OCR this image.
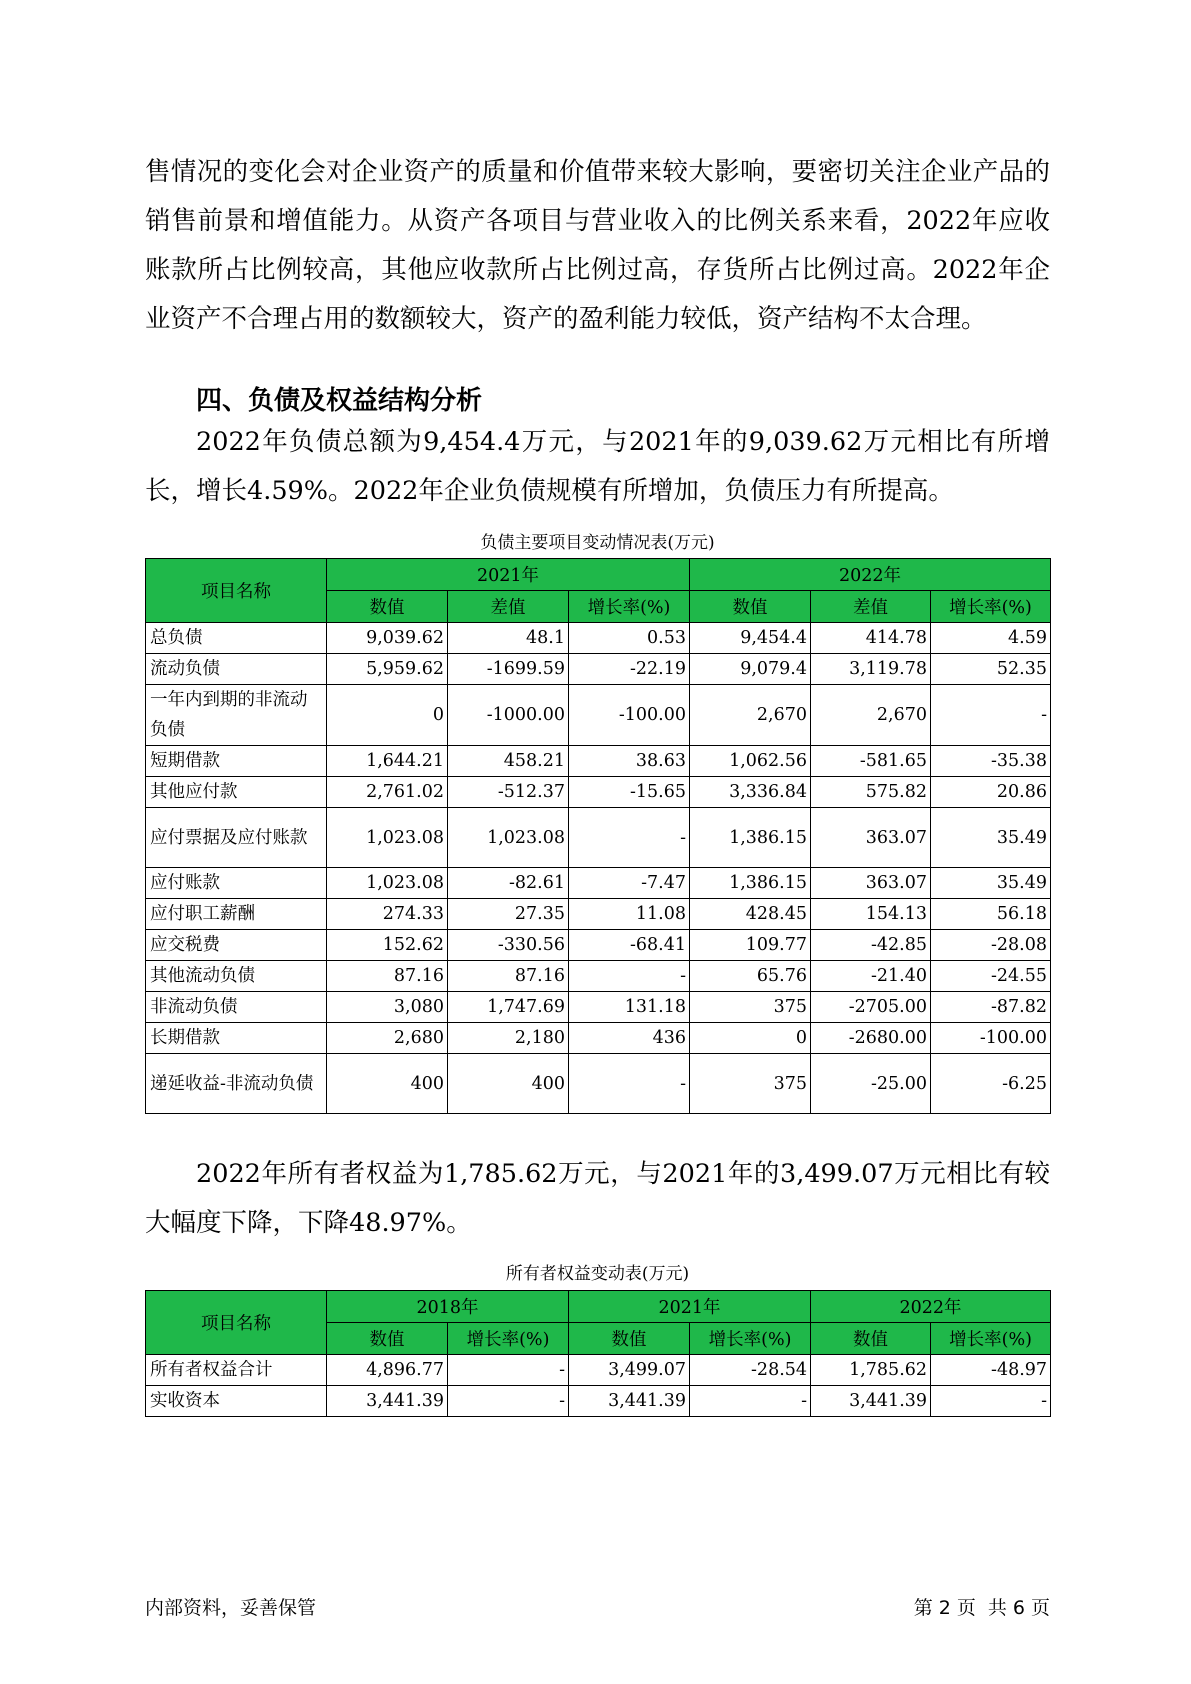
售情况的变化会对企业资产的质量和价值带来较大影响，要密切关注企业产品的销售前景和增值能力。从资产各项目与营业收入的比例关系来看，2022年应收账款所占比例较高，其他应收款所占比例过高，存货所占比例过高。2022年企业资产不合理占用的数额较大，资产的盈利能力较低，资产结构不太合理。

四、负债及权益结构分析

2022年负债总额为9,454.4万元，与2021年的9,039.62万元相比有所增长，增长4.59%。2022年企业负债规模有所增加，负债压力有所提高。

负债主要项目变动情况表(万元)

项目名称	2021年			2022年		
	数值	差值	增长率(%)	数值	差值	增长率(%)
总负债	9,039.62	48.1	0.53	9,454.4	414.78	4.59
流动负债	5,959.62	-1699.59	-22.19	9,079.4	3,119.78	52.35
一年内到期的非流动负债	0	-1000.00	-100.00	2,670	2,670	-
短期借款	1,644.21	458.21	38.63	1,062.56	-581.65	-35.38
其他应付款	2,761.02	-512.37	-15.65	3,336.84	575.82	20.86
应付票据及应付账款	1,023.08	1,023.08	-	1,386.15	363.07	35.49
应付账款	1,023.08	-82.61	-7.47	1,386.15	363.07	35.49
应付职工薪酬	274.33	27.35	11.08	428.45	154.13	56.18
应交税费	152.62	-330.56	-68.41	109.77	-42.85	-28.08
其他流动负债	87.16	87.16	-	65.76	-21.40	-24.55
非流动负债	3,080	1,747.69	131.18	375	-2705.00	-87.82
长期借款	2,680	2,180	436	0	-2680.00	-100.00
递延收益-非流动负债	400	400	-	375	-25.00	-6.25

2022年所有者权益为1,785.62万元，与2021年的3,499.07万元相比有较大幅度下降，下降48.97%。

所有者权益变动表(万元)

项目名称	2018年		2021年		2022年	
	数值	增长率(%)	数值	增长率(%)	数值	增长率(%)
所有者权益合计	4,896.77	-	3,499.07	-28.54	1,785.62	-48.97
实收资本	3,441.39	-	3,441.39	-	3,441.39	-
内部资料，妥善保管	第 2 页 共 6 页
